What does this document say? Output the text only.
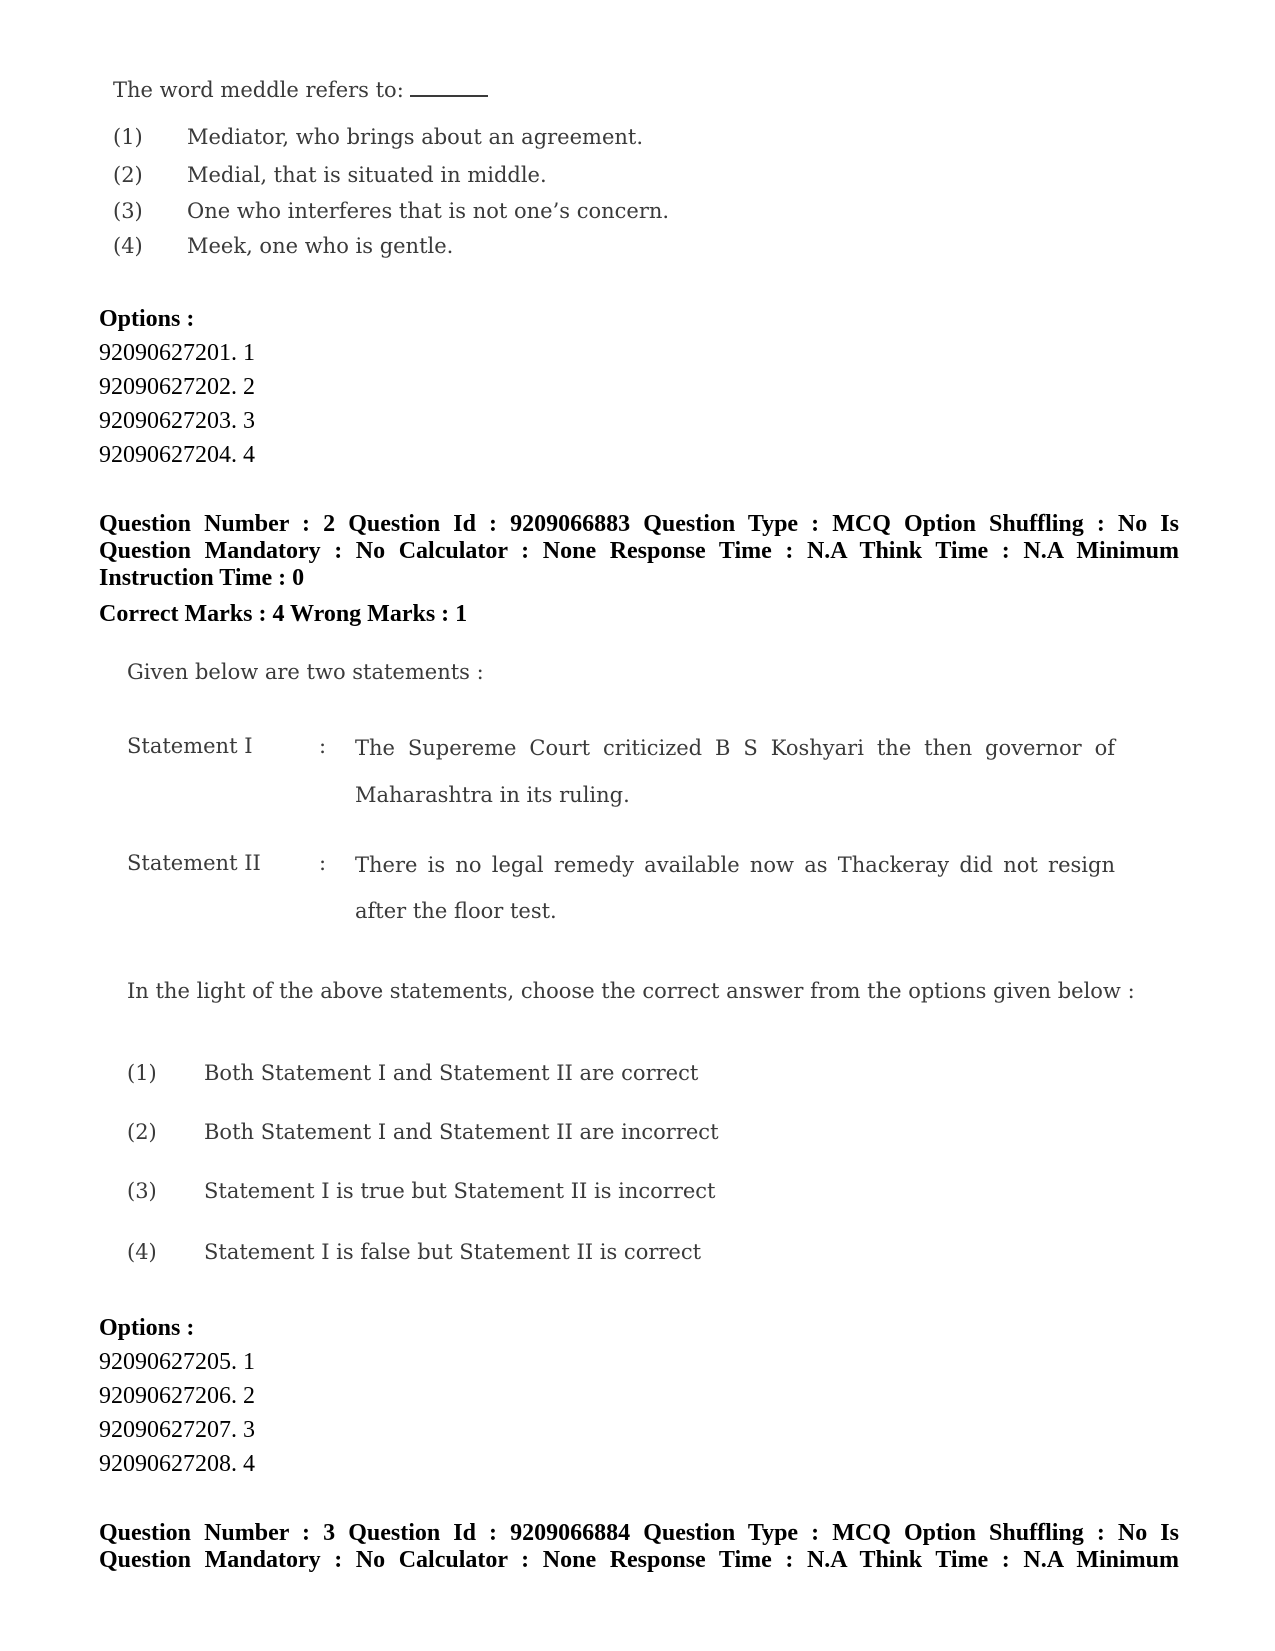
The word meddle refers to:
(1) Mediator, who brings about an agreement.
(2) Medial, that is situated in middle.
(3) One who interferes that is not one’s concern.
(4) Meek, one who is gentle.
Options :
92090627201. 1
92090627202. 2
92090627203. 3
92090627204. 4
Question Number : 2 Question Id : 9209066883 Question Type : MCQ Option Shuffling : No Is
Question Mandatory : No Calculator : None Response Time : N.A Think Time : N.A Minimum
Instruction Time : 0
Correct Marks : 4 Wrong Marks : 1
Given below are two statements :
Statement I	: The Supereme Court criticized B S Koshyari the then governor of
Maharashtra in its ruling.
Statement II	: There is no legal remedy available now as Thackeray did not resign
after the floor test.
In the light of the above statements, choose the correct answer from the options given below :
(1) Both Statement I and Statement II are correct
(2) Both Statement I and Statement II are incorrect
(3) Statement I is true but Statement II is incorrect
(4) Statement I is false but Statement II is correct
Options :
92090627205. 1
92090627206. 2
92090627207. 3
92090627208. 4
Question Number : 3 Question Id : 9209066884 Question Type : MCQ Option Shuffling : No Is
Question Mandatory : No Calculator : None Response Time : N.A Think Time : N.A Minimum
